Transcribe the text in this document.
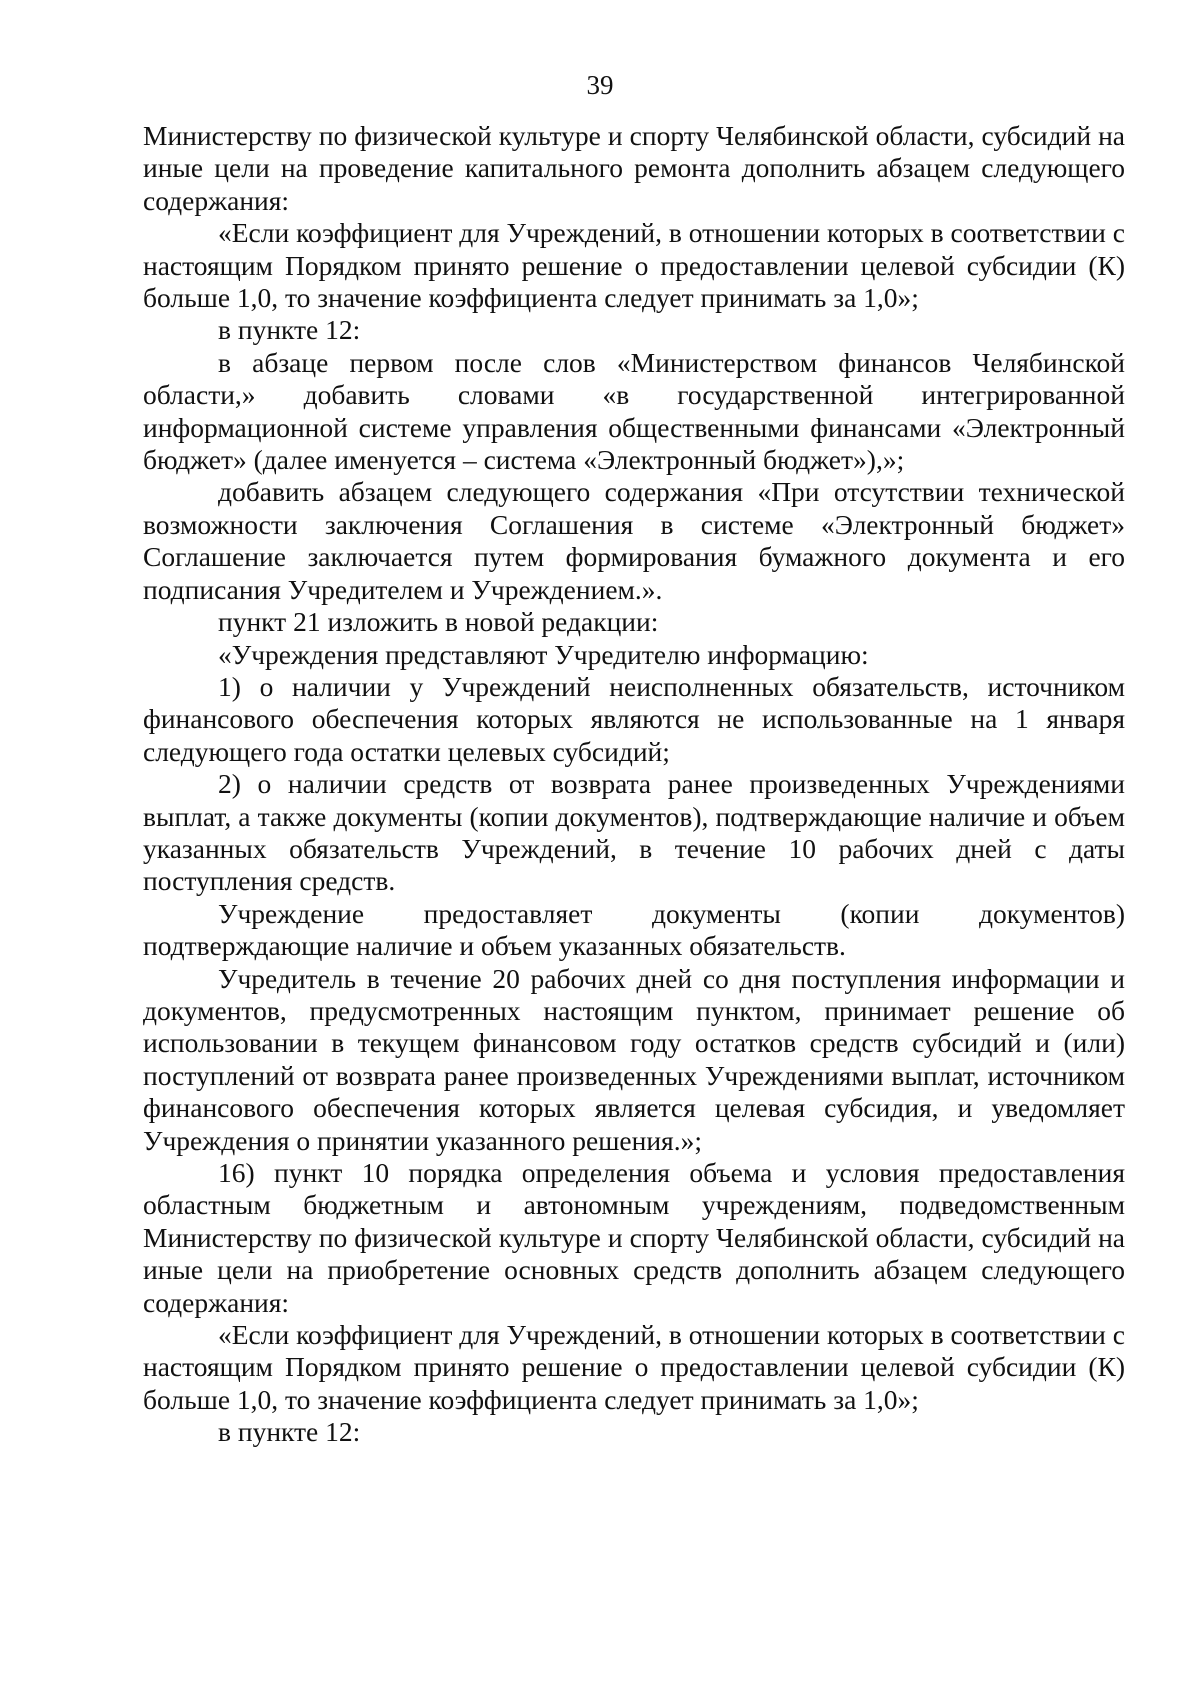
39

Министерству по физической культуре и спорту Челябинской области, субсидий на иные цели на проведение капитального ремонта дополнить абзацем следующего содержания:

«Если коэффициент для Учреждений, в отношении которых в соответствии с настоящим Порядком принято решение о предоставлении целевой субсидии (К) больше 1,0, то значение коэффициента следует принимать за 1,0»;

в пункте 12:

в абзаце первом после слов «Министерством финансов Челябинской области,» добавить словами «в государственной интегрированной информационной системе управления общественными финансами «Электронный бюджет» (далее именуется – система «Электронный бюджет»),»;

добавить абзацем следующего содержания «При отсутствии технической возможности заключения Соглашения в системе «Электронный бюджет» Соглашение заключается путем формирования бумажного документа и его подписания Учредителем и Учреждением.».

пункт 21 изложить в новой редакции:

«Учреждения представляют Учредителю информацию:

1) о наличии у Учреждений неисполненных обязательств, источником финансового обеспечения которых являются не использованные на 1 января следующего года остатки целевых субсидий;

2) о наличии средств от возврата ранее произведенных Учреждениями выплат, а также документы (копии документов), подтверждающие наличие и объем указанных обязательств Учреждений, в течение 10 рабочих дней с даты поступления средств.

Учреждение предоставляет документы (копии документов) подтверждающие наличие и объем указанных обязательств.

Учредитель в течение 20 рабочих дней со дня поступления информации и документов, предусмотренных настоящим пунктом, принимает решение об использовании в текущем финансовом году остатков средств субсидий и (или) поступлений от возврата ранее произведенных Учреждениями выплат, источником финансового обеспечения которых является целевая субсидия, и уведомляет Учреждения о принятии указанного решения.»;

16) пункт 10 порядка определения объема и условия предоставления областным бюджетным и автономным учреждениям, подведомственным Министерству по физической культуре и спорту Челябинской области, субсидий на иные цели на приобретение основных средств дополнить абзацем следующего содержания:

«Если коэффициент для Учреждений, в отношении которых в соответствии с настоящим Порядком принято решение о предоставлении целевой субсидии (К) больше 1,0, то значение коэффициента следует принимать за 1,0»;

в пункте 12:
